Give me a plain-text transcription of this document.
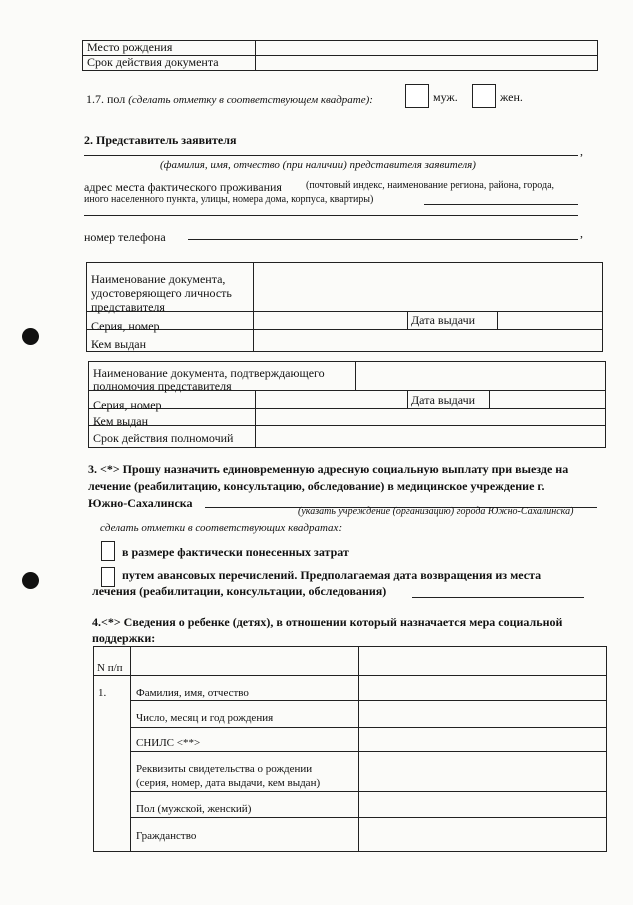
Место рождения	
Срок действия документа	
1.7. пол (сделать отметку в соответствующем квадрате):	муж.	жен.
2. Представитель заявителя
,
(фамилия, имя, отчество (при наличии) представителя заявителя)
адрес места фактического проживания (почтовый индекс, наименование региона, района, города,
иного населенного пункта, улицы, номера дома, корпуса, квартиры)
номер телефона	,
Наименование документа,
удостоверяющего личность
представителя
Серия, номер	Дата выдачи
Кем выдан
Наименование документа, подтверждающего
полномочия представителя
Серия, номер	Дата выдачи
Кем выдан
Срок действия полномочий
3. <*> Прошу назначить единовременную адресную социальную выплату при выезде на
лечение (реабилитацию, консультацию, обследование) в медицинское учреждение г.
Южно-Сахалинска
(указать учреждение (организацию) города Южно-Сахалинска)
сделать отметки в соответствующих квадратах:
в размере фактически понесенных затрат
путем авансовых перечислений. Предполагаемая дата возвращения из места
лечения (реабилитации, консультации, обследования)
4.<*> Сведения о ребенке (детях), в отношении который назначается мера социальной
поддержки:
N п/п
1.	Фамилия, имя, отчество
Число, месяц и год рождения
СНИЛС <**>
Реквизиты свидетельства о рождении
(серия, номер, дата выдачи, кем выдан)
Пол (мужской, женский)
Гражданство
